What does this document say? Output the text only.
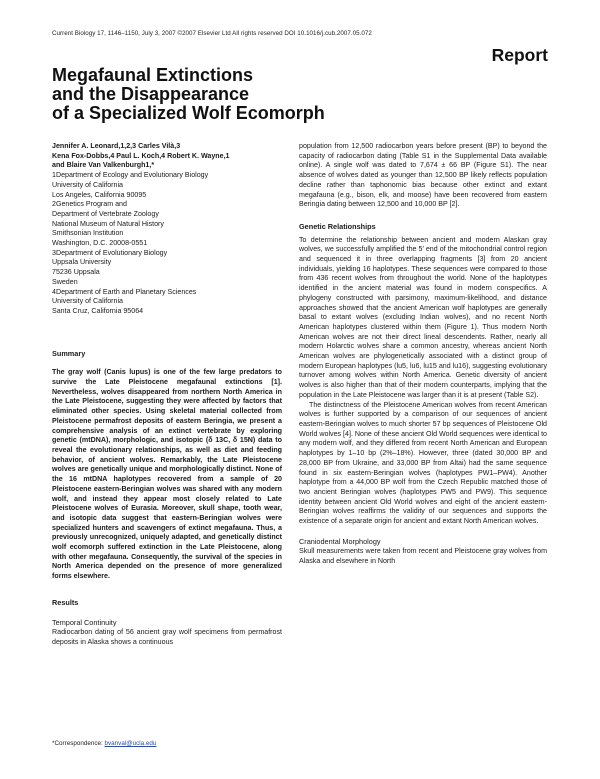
Current Biology 17, 1146–1150, July 3, 2007 ©2007 Elsevier Ltd All rights reserved DOI 10.1016/j.cub.2007.05.072
Report
Megafaunal Extinctions
and the Disappearance
of a Specialized Wolf Ecomorph
Jennifer A. Leonard,1,2,3 Carles Vilà,3
Kena Fox-Dobbs,4 Paul L. Koch,4 Robert K. Wayne,1
and Blaire Van Valkenburgh1,*
1Department of Ecology and Evolutionary Biology
University of California
Los Angeles, California 90095
2Genetics Program and
Department of Vertebrate Zoology
National Museum of Natural History
Smithsonian Institution
Washington, D.C. 20008-0551
3Department of Evolutionary Biology
Uppsala University
75236 Uppsala
Sweden
4Department of Earth and Planetary Sciences
University of California
Santa Cruz, California 95064
Summary

The gray wolf (Canis lupus) is one of the few large predators to survive the Late Pleistocene megafaunal extinctions [1]. Nevertheless, wolves disappeared from northern North America in the Late Pleistocene, suggesting they were affected by factors that eliminated other species. Using skeletal material collected from Pleistocene permafrost deposits of eastern Beringia, we present a comprehensive analysis of an extinct vertebrate by exploring genetic (mtDNA), morphologic, and isotopic (δ 13C, δ 15N) data to reveal the evolutionary relationships, as well as diet and feeding behavior, of ancient wolves. Remarkably, the Late Pleistocene wolves are genetically unique and morphologically distinct. None of the 16 mtDNA haplotypes recovered from a sample of 20 Pleistocene eastern-Beringian wolves was shared with any modern wolf, and instead they appear most closely related to Late Pleistocene wolves of Eurasia. Moreover, skull shape, tooth wear, and isotopic data suggest that eastern-Beringian wolves were specialized hunters and scavengers of extinct megafauna. Thus, a previously unrecognized, uniquely adapted, and genetically distinct wolf ecomorph suffered extinction in the Late Pleistocene, along with other megafauna. Consequently, the survival of the species in North America depended on the presence of more generalized forms elsewhere.

Results
Temporal Continuity

Radiocarbon dating of 56 ancient gray wolf specimens from permafrost deposits in Alaska shows a continuous

population from 12,500 radiocarbon years before present (BP) to beyond the capacity of radiocarbon dating (Table S1 in the Supplemental Data available online). A single wolf was dated to 7,674 ± 66 BP (Figure S1). The near absence of wolves dated as younger than 12,500 BP likely reflects population decline rather than taphonomic bias because other extinct and extant megafauna (e.g., bison, elk, and moose) have been recovered from eastern Beringia dating between 12,500 and 10,000 BP [2].

Genetic Relationships

To determine the relationship between ancient and modern Alaskan gray wolves, we successfully amplified the 5′ end of the mitochondrial control region and sequenced it in three overlapping fragments [3] from 20 ancient individuals, yielding 16 haplotypes. These sequences were compared to those from 436 recent wolves from throughout the world. None of the haplotypes identified in the ancient material was found in modern conspecifics. A phylogeny constructed with parsimony, maximum-likelihood, and distance approaches showed that the ancient American wolf haplotypes are generally basal to extant wolves (excluding Indian wolves), and no recent North American haplotypes clustered within them (Figure 1). Thus modern North American wolves are not their direct lineal descendents. Rather, nearly all modern Holarctic wolves share a common ancestry, whereas ancient North American wolves are phylogenetically associated with a distinct group of modern European haplotypes (lu5, lu6, lu15 and lu16), suggesting evolutionary turnover among wolves within North America. Genetic diversity of ancient wolves is also higher than that of their modern counterparts, implying that the population in the Late Pleistocene was larger than it is at present (Table S2).

The distinctness of the Pleistocene American wolves from recent American wolves is further supported by a comparison of our sequences of ancient eastern-Beringian wolves to much shorter 57 bp sequences of Pleistocene Old World wolves [4]. None of these ancient Old World sequences were identical to any modern wolf, and they differed from recent North American and European haplotypes by 1–10 bp (2%–18%). However, three (dated 30,000 BP and 28,000 BP from Ukraine, and 33,000 BP from Altai) had the same sequence found in six eastern-Beringian wolves (haplotypes PW1–PW4). Another haplotype from a 44,000 BP wolf from the Czech Republic matched those of two ancient Beringian wolves (haplotypes PW5 and PW9). This sequence identity between ancient Old World wolves and eight of the ancient eastern-Beringian wolves reaffirms the validity of our sequences and supports the existence of a separate origin for ancient and extant North American wolves.

Craniodental Morphology

Skull measurements were taken from recent and Pleistocene gray wolves from Alaska and elsewhere in North

*Correspondence: bvanval@ucla.edu
